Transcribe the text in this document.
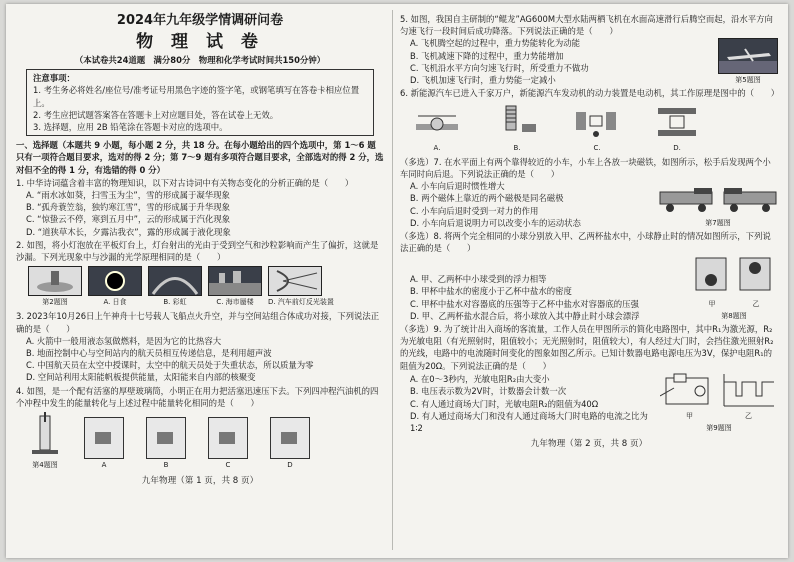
2024年九年级学情调研问卷
物 理 试 卷
（本试卷共24道题　满分80分　物理和化学考试时间共150分钟）
注意事项：
1. 考生务必将姓名/座位号/准考证号用黑色字迹的签字笔，或钢笔填写在答卷卡相应位置上。
2. 考生应把试题答案答在答题卡上对应题目处，答在试卷上无效。
3. 选择题，应用 2B 铅笔涂在答题卡对应的选项中。
一、选择题（本题共 9 小题，每小题 2 分，共 18 分。在每小题给出的四个选项中，第 1～6 题只有一项符合题目要求，选对的得 2 分；第 7～9 题有多项符合题目要求，全部选对的得 2 分，选对但不全的得 1 分，有选错的得 0 分）
1. 中华诗词蕴含着丰富的物理知识，以下对古诗词中有关物态变化的分析正确的是（　　）
A. “雨水冰如葵，扫雪玉为尘”，雪的形成属于凝华现象
B. “孤舟蓑笠翁，独钓寒江雪”，雪的形成属于升华现象
C. “惊蛰云不停，寒到五月中”，云的形成属于汽化现象
D. “道狭草木长，夕露沾我衣”，露的形成属于液化现象
2. 如图，将小灯泡放在平板灯台上，灯台射出的光由于受到空气和沙粒影响而产生了偏折，这就是沙漏。下列光现象中与沙漏的光学原理相同的是（　　）
第2题图	A. 日食	B. 彩虹	C. 海市蜃楼	D. 汽车前灯反光装置
3. 2023年10月26日上午神舟十七号载人飞船点火升空，并与空间站组合体成功对接，下列说法正确的是（　　）
A. 火箭中一般用液态氢做燃料，是因为它的比热容大
B. 地面控制中心与空间站内的航天员相互传递信息，是利用超声波
C. 中国航天员在太空中授课时，太空中的航天员处于失重状态，所以质量为零
D. 空间站利用太阳能帆板提供能量，太阳能来自内部的核聚变
4. 如图，是一个配有活塞的厚壁玻璃筒，小明正在用力把活塞迅速压下去。下列四冲程汽油机的四个冲程中发生的能量转化与上述过程中能量转化相同的是（　　）
第4题图	A	B	C	D
九年物理（第 1 页，共 8 页）
5. 如图，我国自主研制的“鲲龙”AG600M大型水陆两栖飞机在水面高速滑行后腾空而起，沿水平方向匀速飞行一段时间后成功降落。下列说法正确的是（　　）
A. 飞机腾空起的过程中，重力势能转化为动能
B. 飞机减速下降的过程中，重力势能增加
C. 飞机沿水平方向匀速飞行时，所受重力不做功
D. 飞机加速飞行时，重力势能一定减小	第5题图
6. 新能源汽车已进入千家万户，新能源汽车发动机的动力装置是电动机，其工作原理是图中的（　　）
A.	B.	C.	D.
（多选）7. 在水平面上有两个靠得较近的小车，小车上各放一块磁铁，如图所示，松手后发现两个小车同时向后退。下列说法正确的是（　　）
A. 小车向后退时惯性增大
B. 两个磁体上靠近的两个磁极是同名磁极
C. 小车向后退时受到一对力的作用
D. 小车向后退说明力可以改变小车的运动状态	第7题图
（多选）8. 将两个完全相同的小球分别放入甲、乙两杯盐水中，小球静止时的情况如图所示，下列说法正确的是（　　）
A. 甲、乙两杯中小球受到的浮力相等
B. 甲杯中盐水的密度小于乙杯中盐水的密度
C. 甲杯中盐水对容器底的压强等于乙杯中盐水对容器底的压强
D. 甲、乙两杯盐水混合后，将小球放入其中静止时小球会漂浮
甲	乙
第8题图
（多选）9. 为了统计出入商场的客流量，工作人员在甲图所示的简化电路图中，其中R₁为激光源，R₂为光敏电阻（有光照射时，阻值较小；无光照射时，阻值较大），有人经过大门时，会挡住激光照射R₂的光线，电路中的电流随时间变化的图象如图乙所示。已知计数器电路电源电压为3V，保护电阻R₁的阻值为20Ω。下列说法正确的是（　　）
A. 在0～3秒内，光敏电阻R₂由大变小
B. 电压表示数为2V时，计数器会计数一次
C. 有人通过商场大门时，光敏电阻R₂的阻值为40Ω
D. 有人通过商场大门和没有人通过商场大门时电路的电流之比为1∶2
甲	乙
第9题图
九年物理（第 2 页，共 8 页）
